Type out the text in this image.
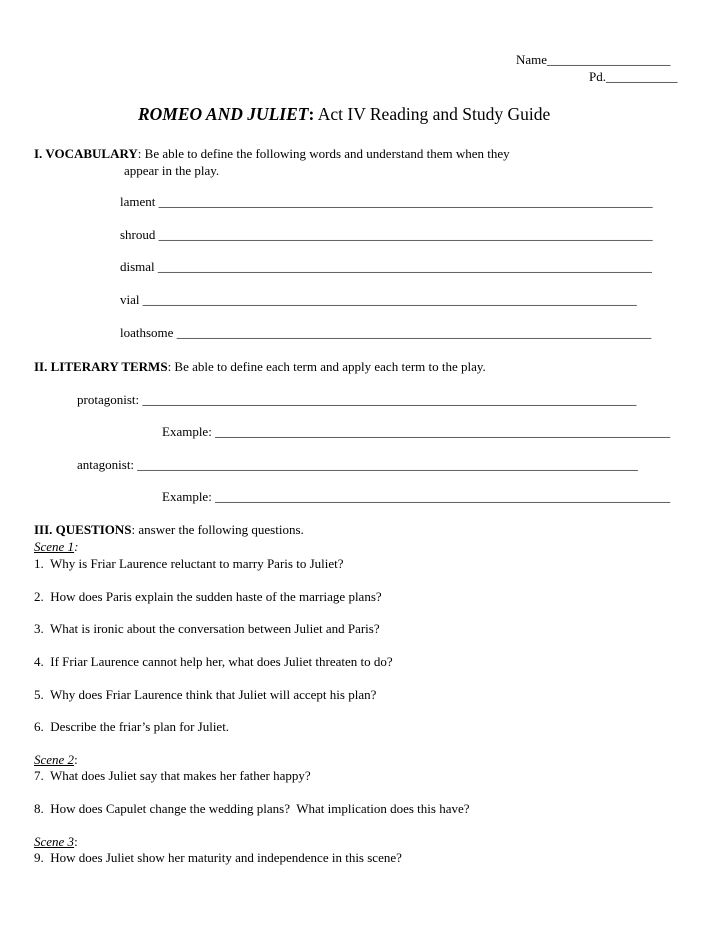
Name___________________
Pd.___________
ROMEO AND JULIET: Act IV Reading and Study Guide
I. VOCABULARY: Be able to define the following words and understand them when they
appear in the play.
lament ____________________________________________________________________________
shroud ____________________________________________________________________________
dismal ____________________________________________________________________________
vial ____________________________________________________________________________
loathsome _________________________________________________________________________
II. LITERARY TERMS: Be able to define each term and apply each term to the play.
protagonist: ____________________________________________________________________________
Example: ______________________________________________________________________
antagonist: _____________________________________________________________________________
Example: ______________________________________________________________________
III. QUESTIONS: answer the following questions.
Scene 1:
1.  Why is Friar Laurence reluctant to marry Paris to Juliet?
2.  How does Paris explain the sudden haste of the marriage plans?
3.  What is ironic about the conversation between Juliet and Paris?
4.  If Friar Laurence cannot help her, what does Juliet threaten to do?
5.  Why does Friar Laurence think that Juliet will accept his plan?
6.  Describe the friar’s plan for Juliet.
Scene 2:
7.  What does Juliet say that makes her father happy?
8.  How does Capulet change the wedding plans?  What implication does this have?
Scene 3:
9.  How does Juliet show her maturity and independence in this scene?
